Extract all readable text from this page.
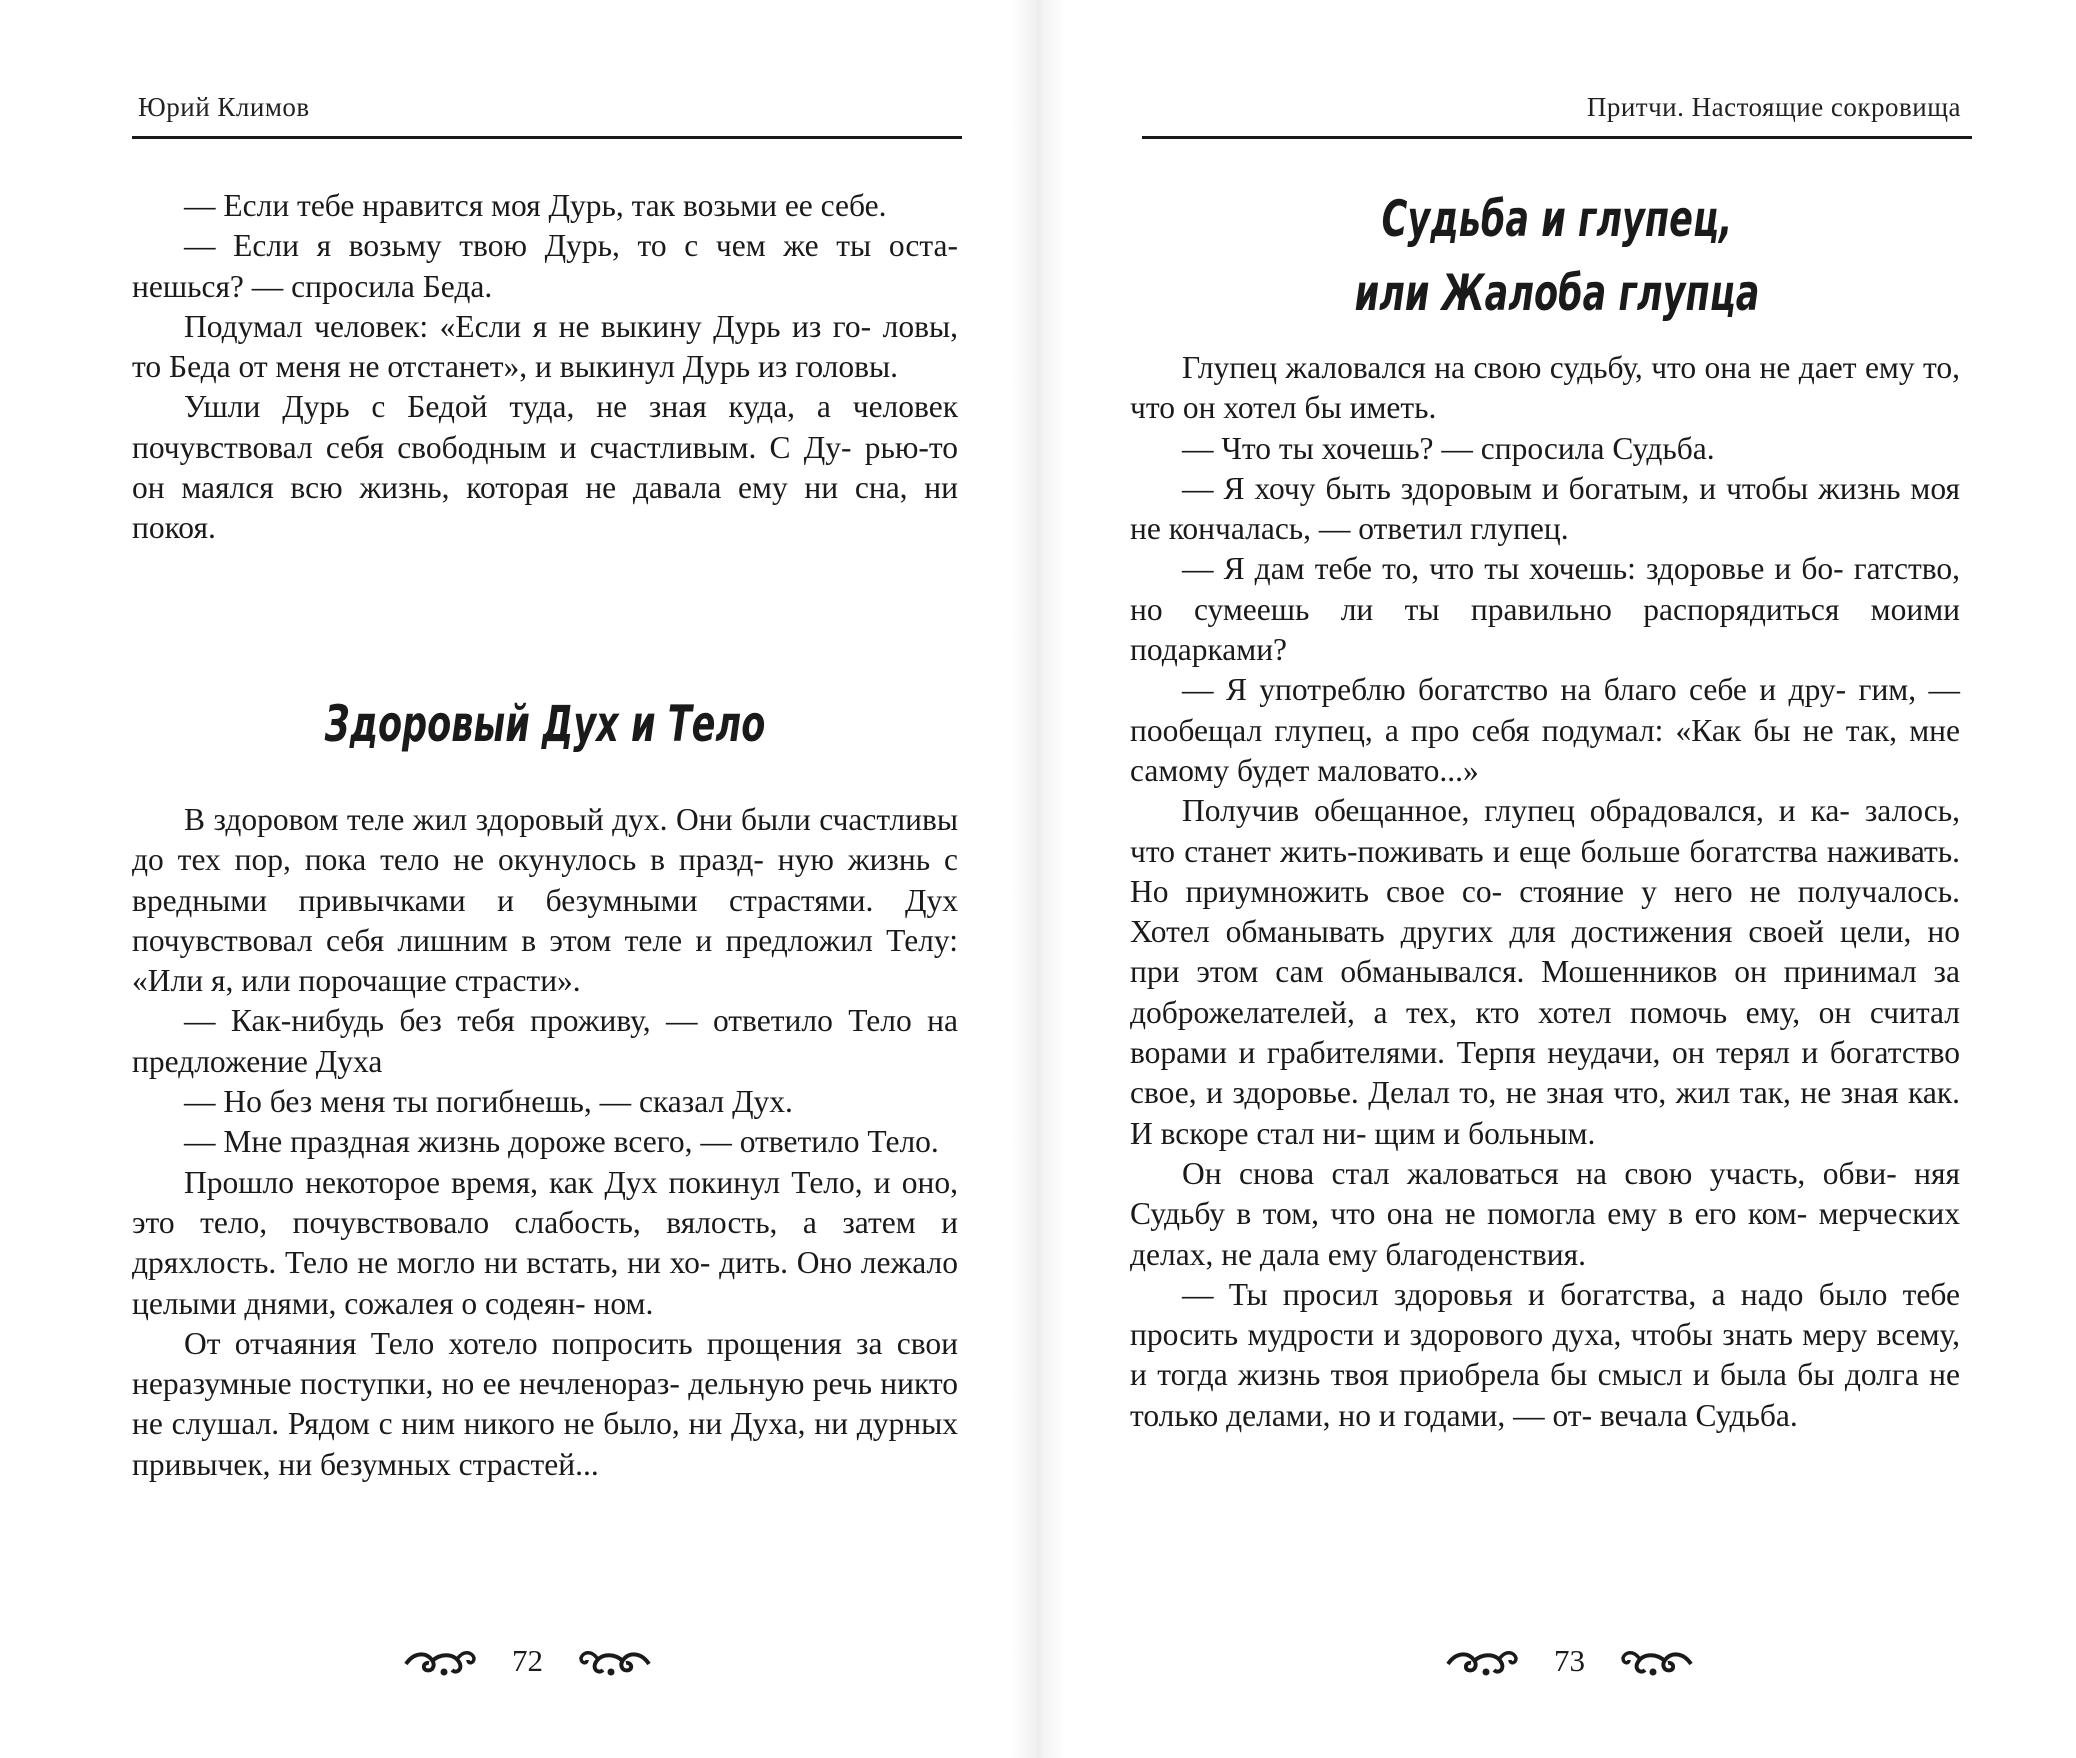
Юрий Климов

— Если тебе нравится моя Дурь, так возьми ее себе.

— Если я возьму твою Дурь, то с чем же ты оста- нешься? — спросила Беда.

Подумал человек: «Если я не выкину Дурь из го- ловы, то Беда от меня не отстанет», и выкинул Дурь из головы.

Ушли Дурь с Бедой туда, не зная куда, а человек почувствовал себя свободным и счастливым. С Ду- рью-то он маялся всю жизнь, которая не давала ему ни сна, ни покоя.

Здоровый Дух и Тело

В здоровом теле жил здоровый дух. Они были счастливы до тех пор, пока тело не окунулось в празд- ную жизнь с вредными привычками и безумными страстями. Дух почувствовал себя лишним в этом теле и предложил Телу: «Или я, или порочащие страсти».

— Как-нибудь без тебя проживу, — ответило Тело на предложение Духа

— Но без меня ты погибнешь, — сказал Дух.

— Мне праздная жизнь дороже всего, — ответило Тело.

Прошло некоторое время, как Дух покинул Тело, и оно, это тело, почувствовало слабость, вялость, а затем и дряхлость. Тело не могло ни встать, ни хо- дить. Оно лежало целыми днями, сожалея о содеян- ном.

От отчаяния Тело хотело попросить прощения за свои неразумные поступки, но ее нечленораз- дельную речь никто не слушал. Рядом с ним никого не было, ни Духа, ни дурных привычек, ни безумных страстей...

72
Притчи. Настоящие сокровища
Судьба и глупец,
или Жалоба глупца

Глупец жаловался на свою судьбу, что она не дает ему то, что он хотел бы иметь.

— Что ты хочешь? — спросила Судьба.

— Я хочу быть здоровым и богатым, и чтобы жизнь моя не кончалась, — ответил глупец.

— Я дам тебе то, что ты хочешь: здоровье и бо- гатство, но сумеешь ли ты правильно распорядиться моими подарками?

— Я употреблю богатство на благо себе и дру- гим, — пообещал глупец, а про себя подумал: «Как бы не так, мне самому будет маловато...»

Получив обещанное, глупец обрадовался, и ка- залось, что станет жить-поживать и еще больше богатства наживать. Но приумножить свое со- стояние у него не получалось. Хотел обманывать других для достижения своей цели, но при этом сам обманывался. Мошенников он принимал за доброжелателей, а тех, кто хотел помочь ему, он считал ворами и грабителями. Терпя неудачи, он терял и богатство свое, и здоровье. Делал то, не зная что, жил так, не зная как. И вскоре стал ни- щим и больным.

Он снова стал жаловаться на свою участь, обви- няя Судьбу в том, что она не помогла ему в его ком- мерческих делах, не дала ему благоденствия.

— Ты просил здоровья и богатства, а надо было тебе просить мудрости и здорового духа, чтобы знать меру всему, и тогда жизнь твоя приобрела бы смысл и была бы долга не только делами, но и годами, — от- вечала Судьба.

73
